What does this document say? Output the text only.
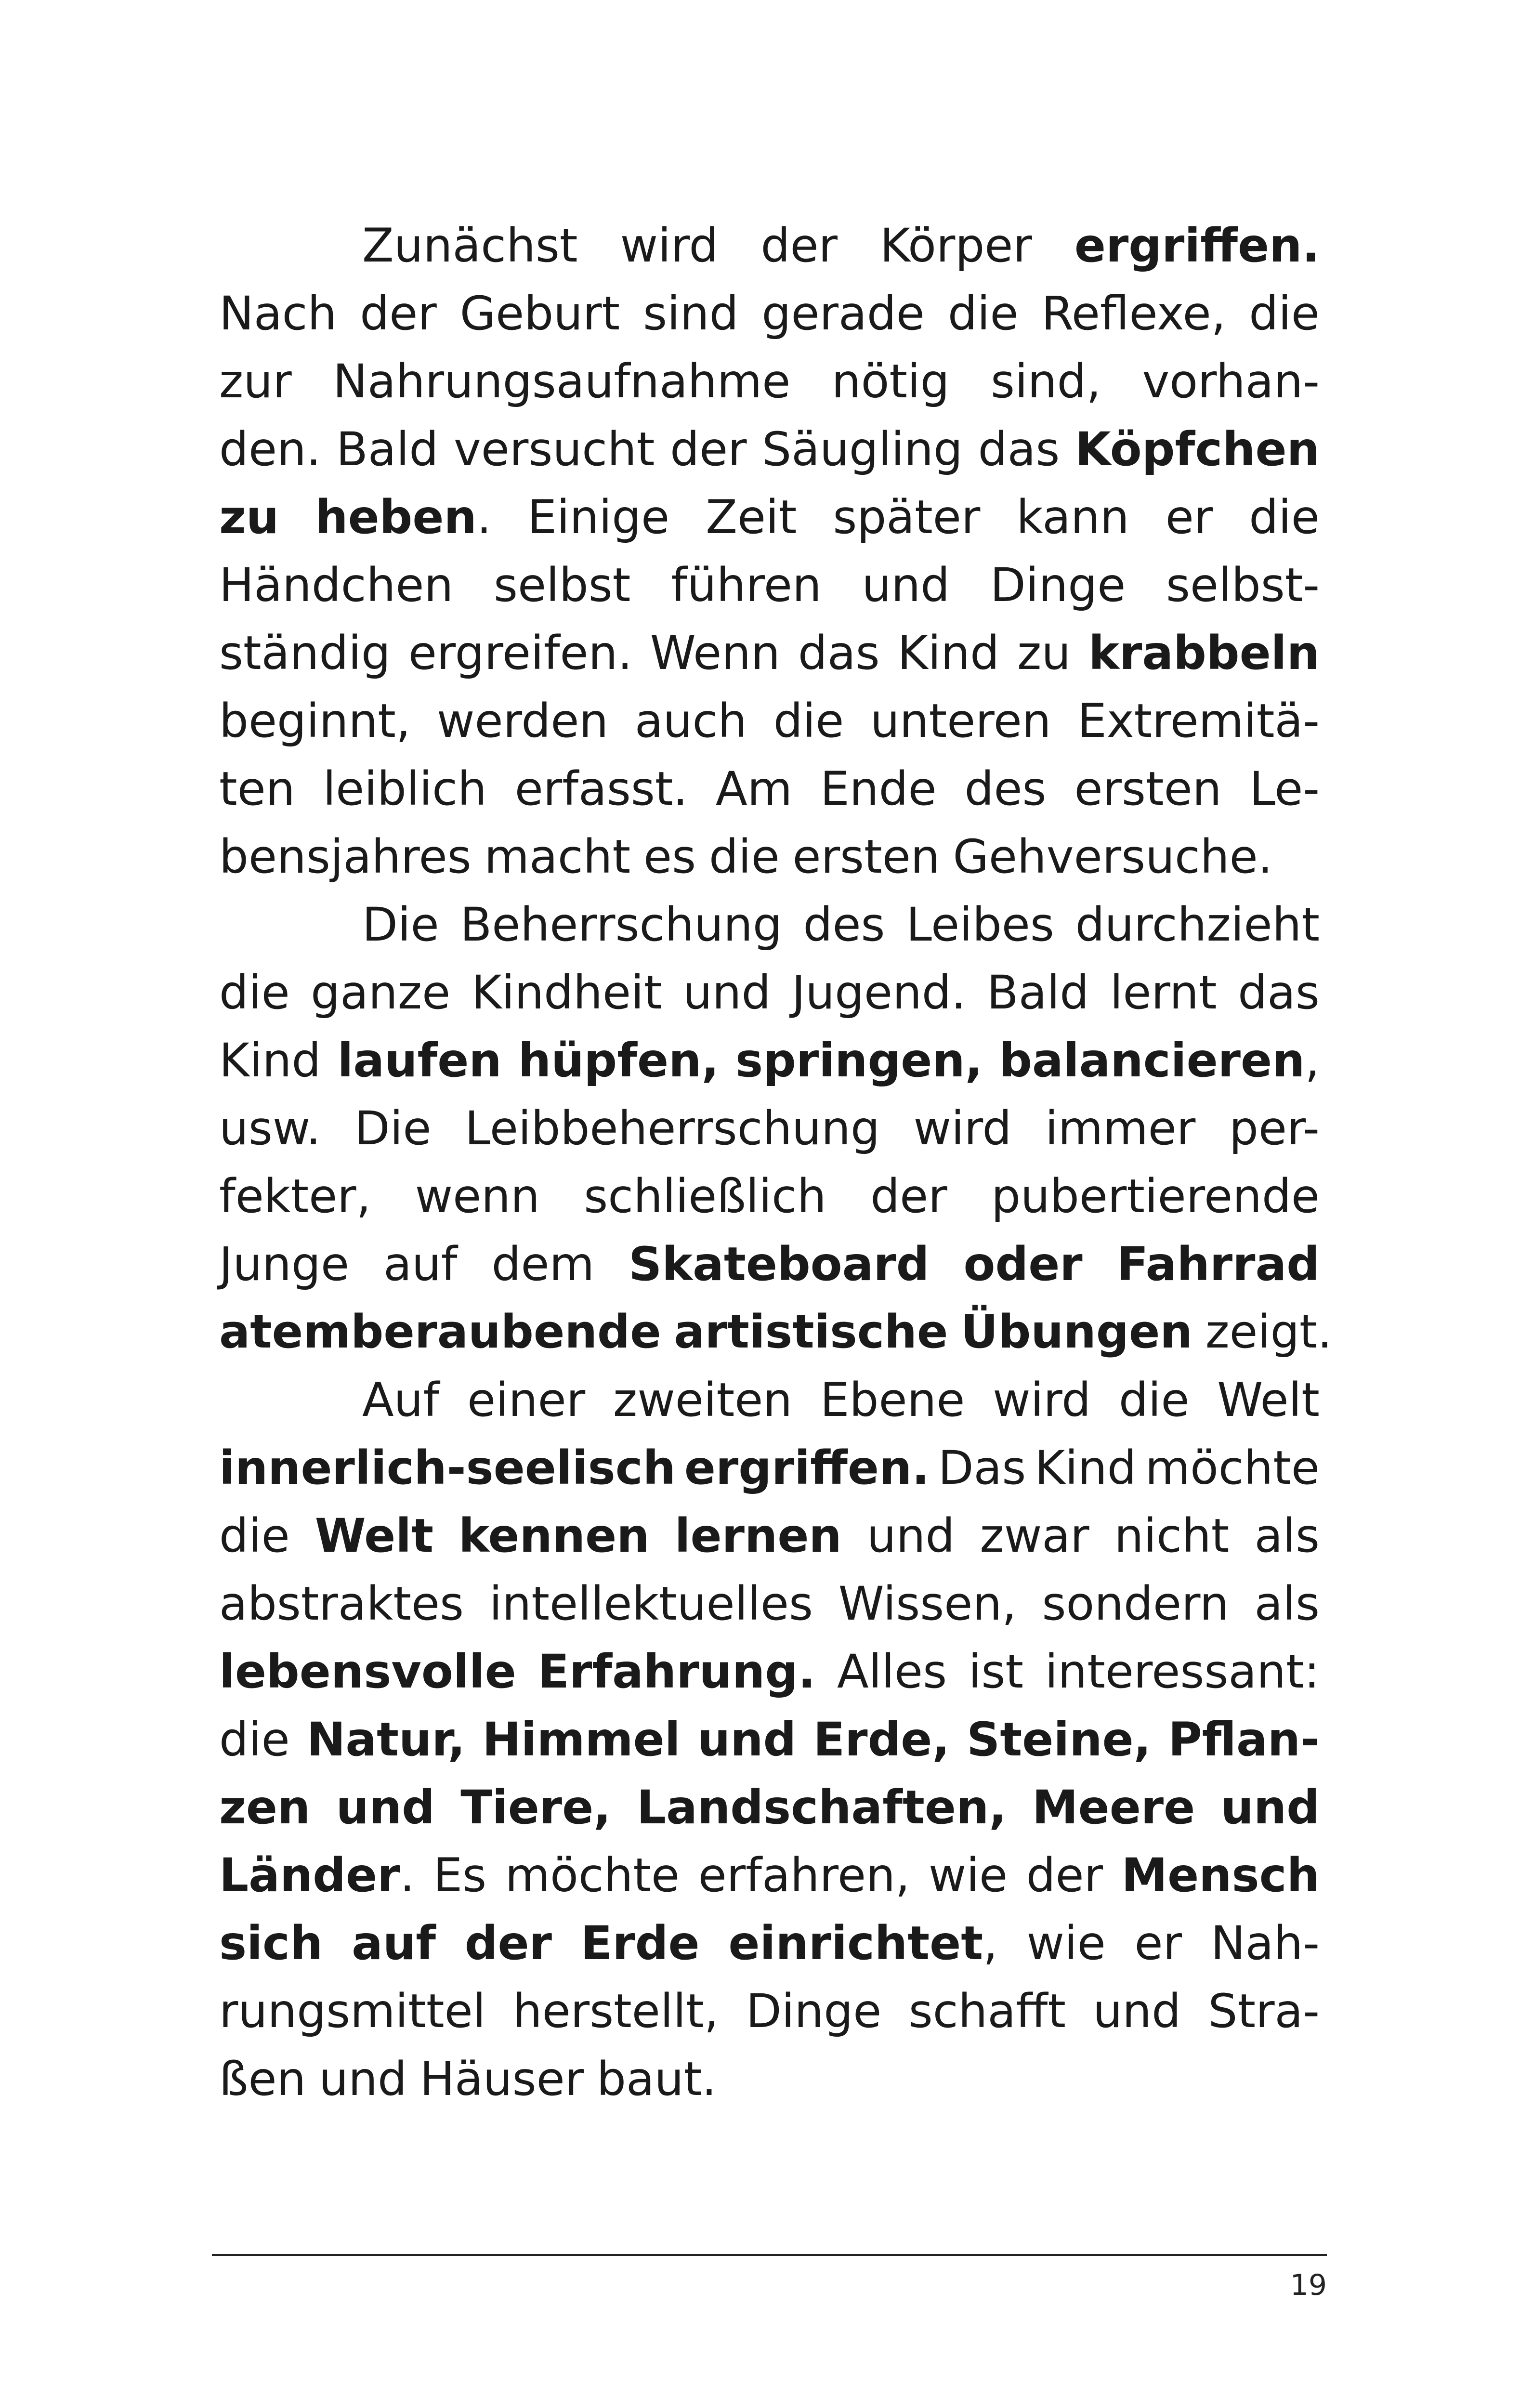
Zunächst wird der Körper ergriffen.
Nach der Geburt sind gerade die Reflexe, die
zur Nahrungsaufnahme nötig sind, vorhan-
den. Bald versucht der Säugling das Köpfchen
zu heben. Einige Zeit später kann er die
Händchen selbst führen und Dinge selbst-
ständig ergreifen. Wenn das Kind zu krabbeln
beginnt, werden auch die unteren Extremitä-
ten leiblich erfasst. Am Ende des ersten Le-
bensjahres macht es die ersten Gehversuche.
Die Beherrschung des Leibes durchzieht
die ganze Kindheit und Jugend. Bald lernt das
Kind laufen hüpfen, springen, balancieren,
usw. Die Leibbeherrschung wird immer per-
fekter, wenn schließlich der pubertierende
Junge auf dem Skateboard oder Fahrrad
atemberaubende artistische Übungen zeigt.
Auf einer zweiten Ebene wird die Welt
innerlich-seelisch ergriffen. Das Kind möchte
die Welt kennen lernen und zwar nicht als
abstraktes intellektuelles Wissen, sondern als
lebensvolle Erfahrung. Alles ist interessant:
die Natur, Himmel und Erde, Steine, Pflan-
zen und Tiere, Landschaften, Meere und
Länder. Es möchte erfahren, wie der Mensch
sich auf der Erde einrichtet, wie er Nah-
rungsmittel herstellt, Dinge schafft und Stra-
ßen und Häuser baut.
19
